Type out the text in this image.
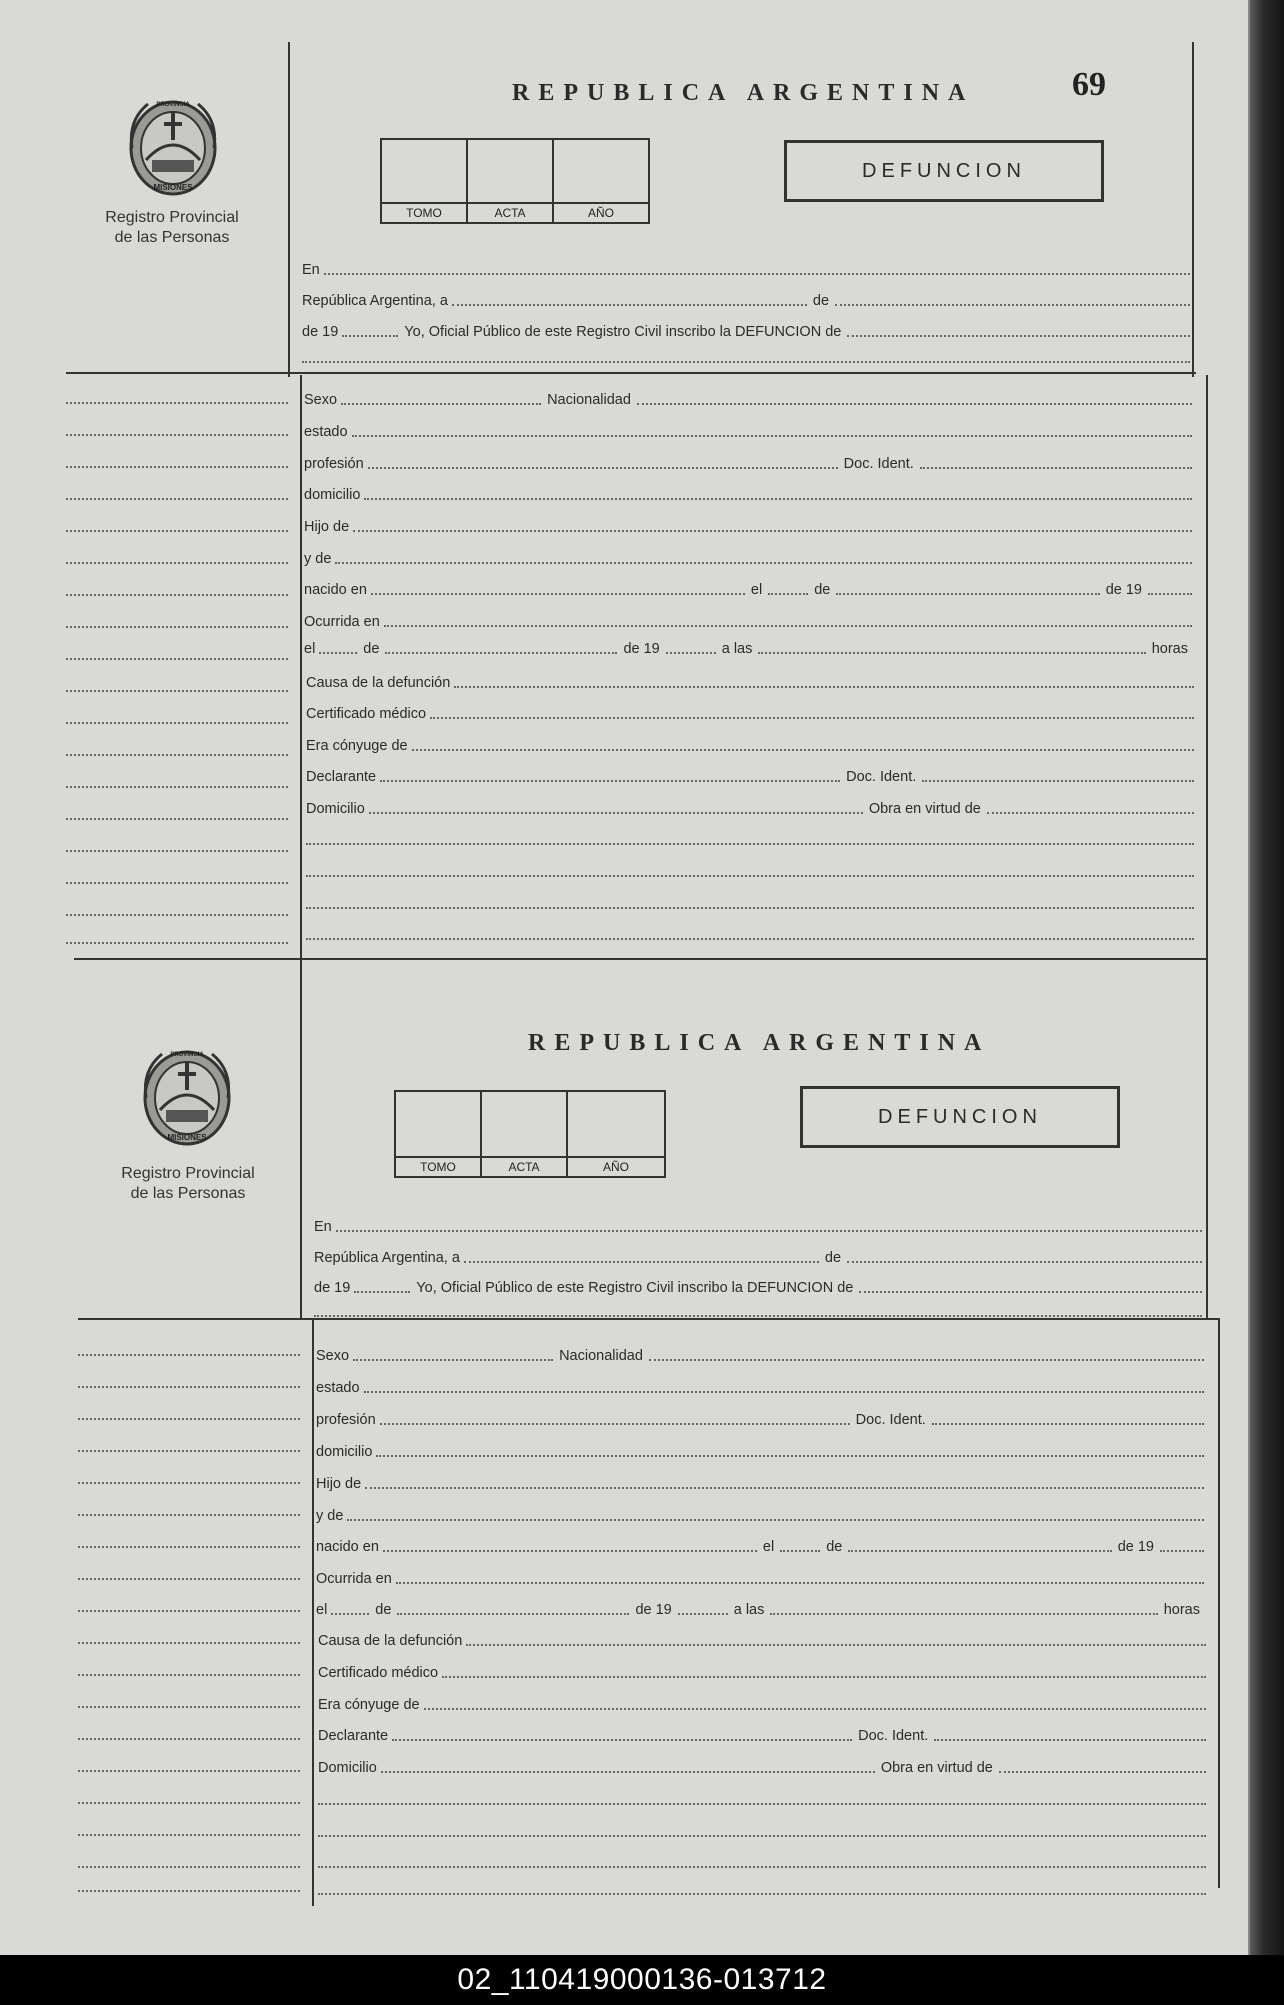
69
MISIONES
PROVINCIA
Registro Provincial
de las Personas
REPUBLICA ARGENTINA
TOMO	ACTA	AÑO
DEFUNCION
En
República Argentina, a	de
de 19	Yo, Oficial Público de este Registro Civil inscribo la DEFUNCION de
Sexo	Nacionalidad
estado
profesión	Doc. Ident.
domicilio
Hijo de
y de
nacido en	el	de	de 19
Ocurrida en
el	de	de 19	a las	horas
Causa de la defunción
Certificado médico
Era cónyuge de
Declarante	Doc. Ident.
Domicilio	Obra en virtud de
MISIONES
PROVINCIA
Registro Provincial
de las Personas
REPUBLICA ARGENTINA
TOMO	ACTA	AÑO
DEFUNCION
En
República Argentina, a	de
de 19	Yo, Oficial Público de este Registro Civil inscribo la DEFUNCION de
Sexo	Nacionalidad
estado
profesión	Doc. Ident.
domicilio
Hijo de
y de
nacido en	el	de	de 19
Ocurrida en
el	de	de 19	a las	horas
Causa de la defunción
Certificado médico
Era cónyuge de
Declarante	Doc. Ident.
Domicilio	Obra en virtud de
02_110419000136-013712
